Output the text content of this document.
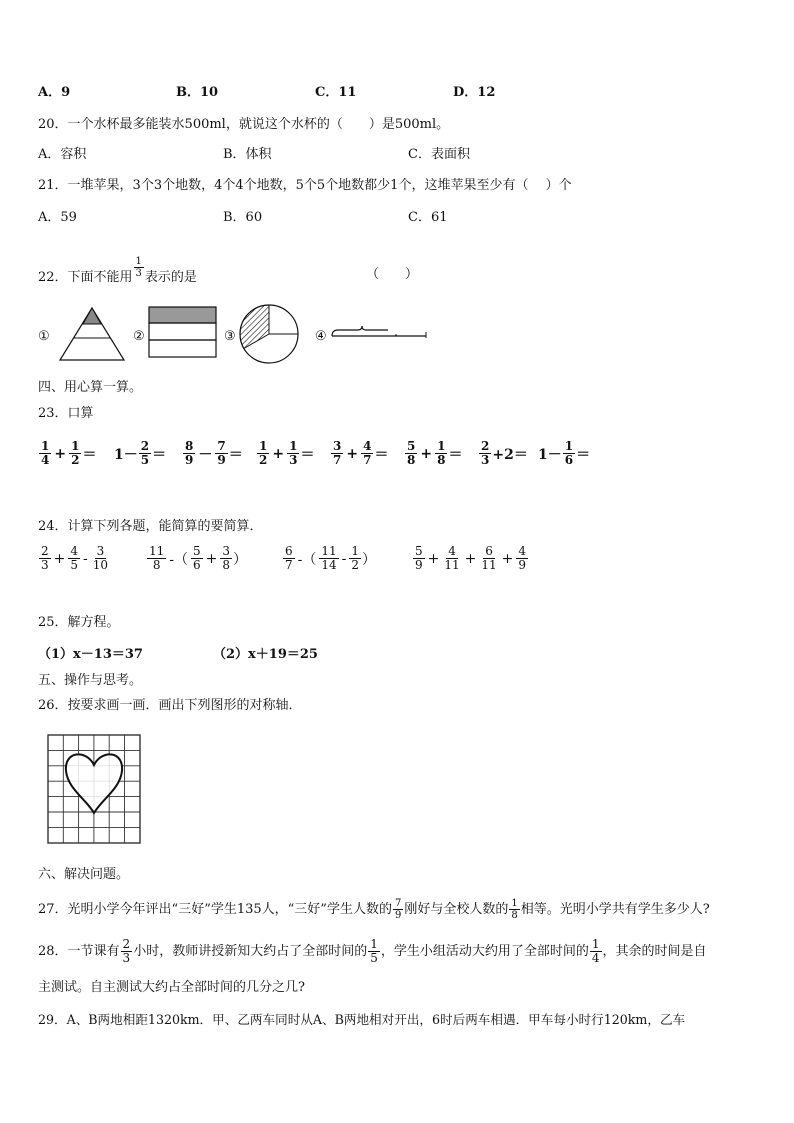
A．9	B．10	C．11	D．12
20．一个水杯最多能装水500ml，就说这个水杯的（　　）是500ml。
A．容积	B．体积	C．表面积
21．一堆苹果，3个3个地数，4个4个地数，5个5个地数都少1个，这堆苹果至少有（　 ）个
A．59	B．60	C．61
22．下面不能用 $\frac{1}{3}$ 表示的是	（　　）
①	②	③	④
四、用心算一算。
23．口算
$\frac{1}{4} + \frac{1}{2} = 1- \frac{2}{5} = \frac{8}{9} - \frac{7}{9} = \frac{1}{2} + \frac{1}{3} = \frac{3}{7} + \frac{4}{7} = \frac{5}{8} + \frac{1}{8} = \frac{2}{3} +2= 1- \frac{1}{6}$ ＝
24．计算下列各题，能简算的要简算．
$\frac{2}{3} + \frac{4}{5} - \frac{3}{10}$	$\frac{11}{8}$ -（ $\frac{5}{6} + \frac{3}{8}$ ）	$\frac{6}{7}$ -（ $\frac{11}{14} - \frac{1}{2}$ ）	$\frac{5}{9} + \frac{4}{11} + \frac{6}{11} + \frac{4}{9}$
25．解方程。
（1）x－13＝37	（2）x＋19＝25
五、操作与思考。
26．按要求画一画．画出下列图形的对称轴．
六、解决问题。
27．光明小学今年评出“三好”学生135人，“三好”学生人数的 $\frac{7}{9}$ 刚好与全校人数的 $\frac{1}{8}$ 相等。光明小学共有学生多少人?
28．一节课有 $\frac{2}{3}$ 小时，教师讲授新知大约占了全部时间的 $\frac{1}{5}$ ，学生小组活动大约用了全部时间的 $\frac{1}{4}$ ，其余的时间是自
主测试。自主测试大约占全部时间的几分之几?
29．A、B两地相距1320km．甲、乙两车同时从A、B两地相对开出，6时后两车相遇．甲车每小时行120km，乙车
